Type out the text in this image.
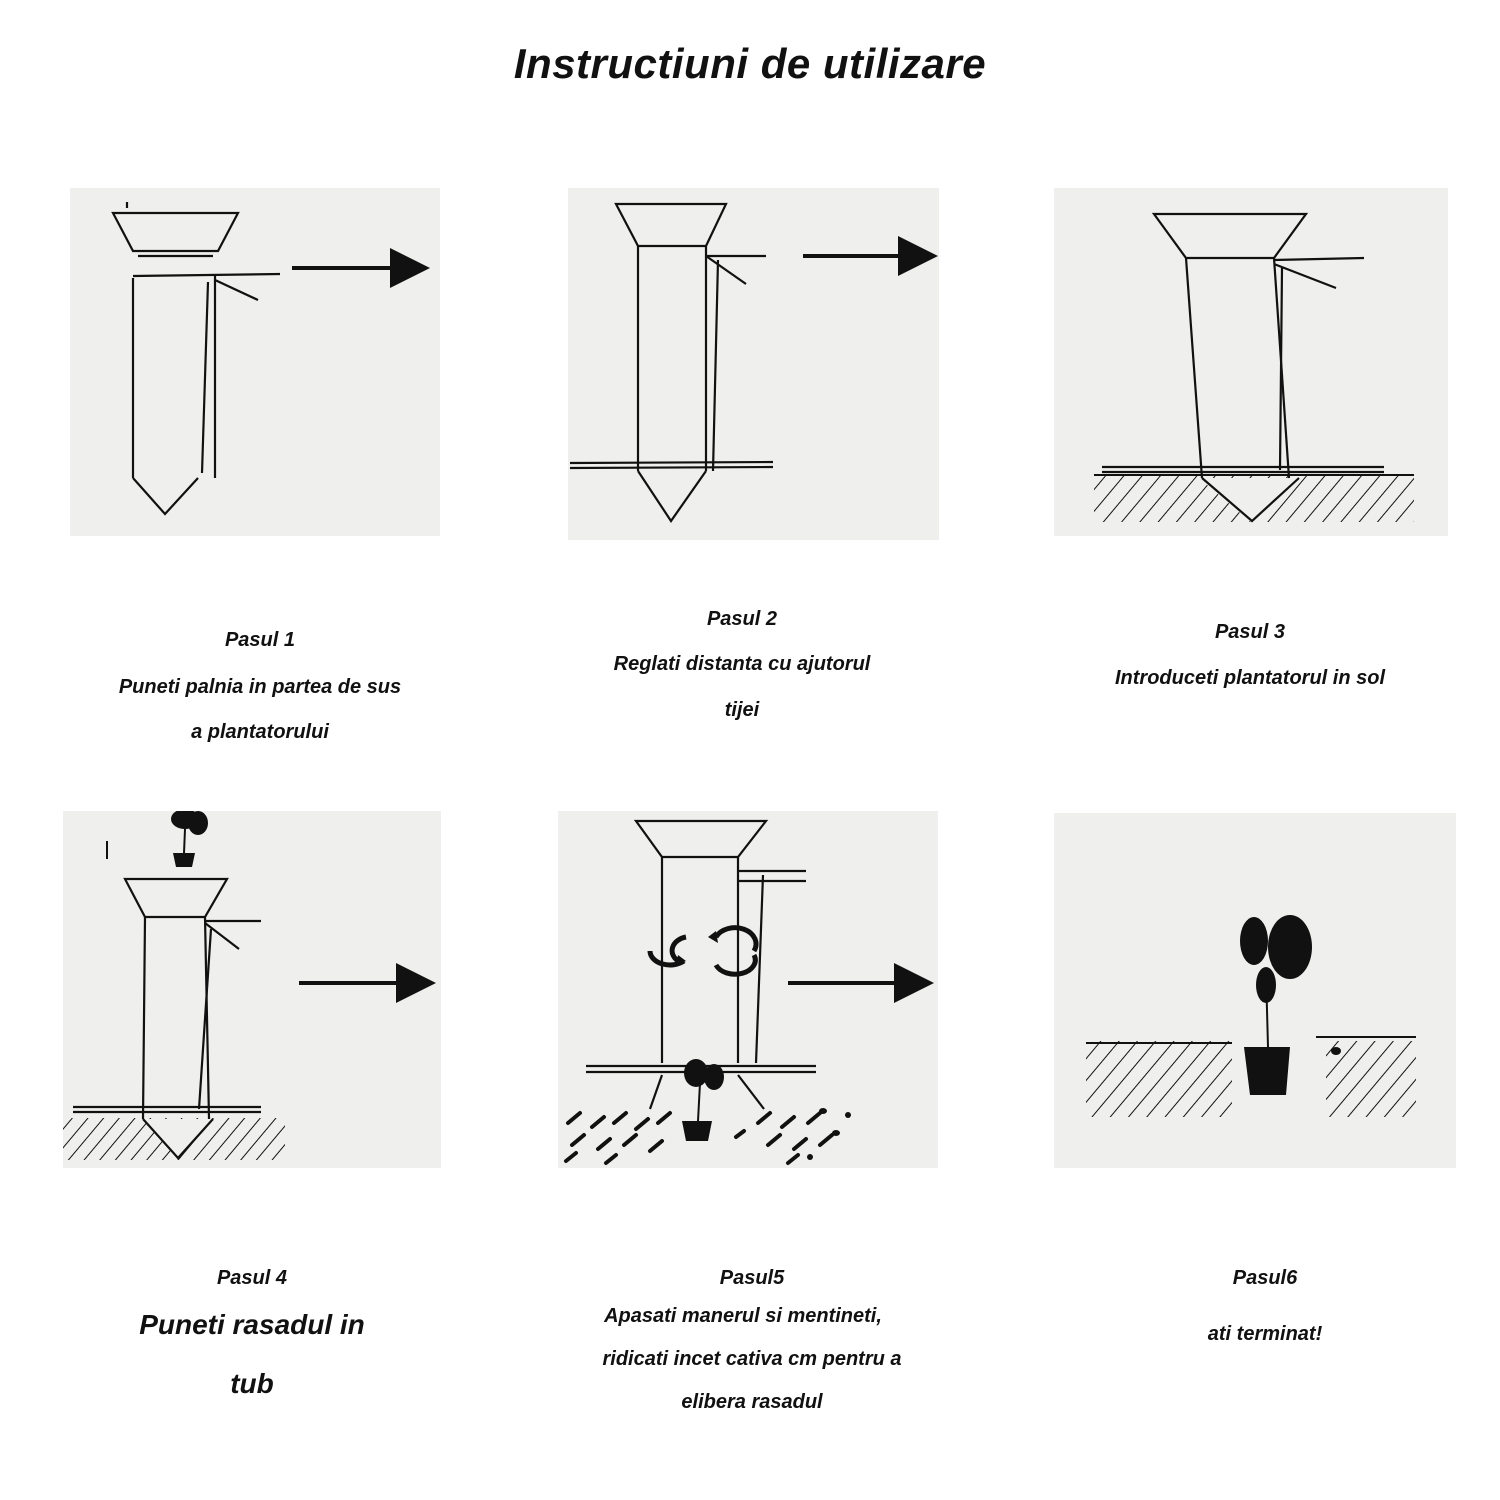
Instructiuni de utilizare
Pasul 1
Puneti palnia in partea de sus
a plantatorului
Pasul 2
Reglati distanta cu ajutorul
tijei
Pasul 3
Introduceti plantatorul in sol
Pasul 4
Puneti rasadul in
tub
Pasul5
Apasati manerul si mentineti,
ridicati incet cativa cm pentru a
elibera rasadul
Pasul6
ati terminat!
